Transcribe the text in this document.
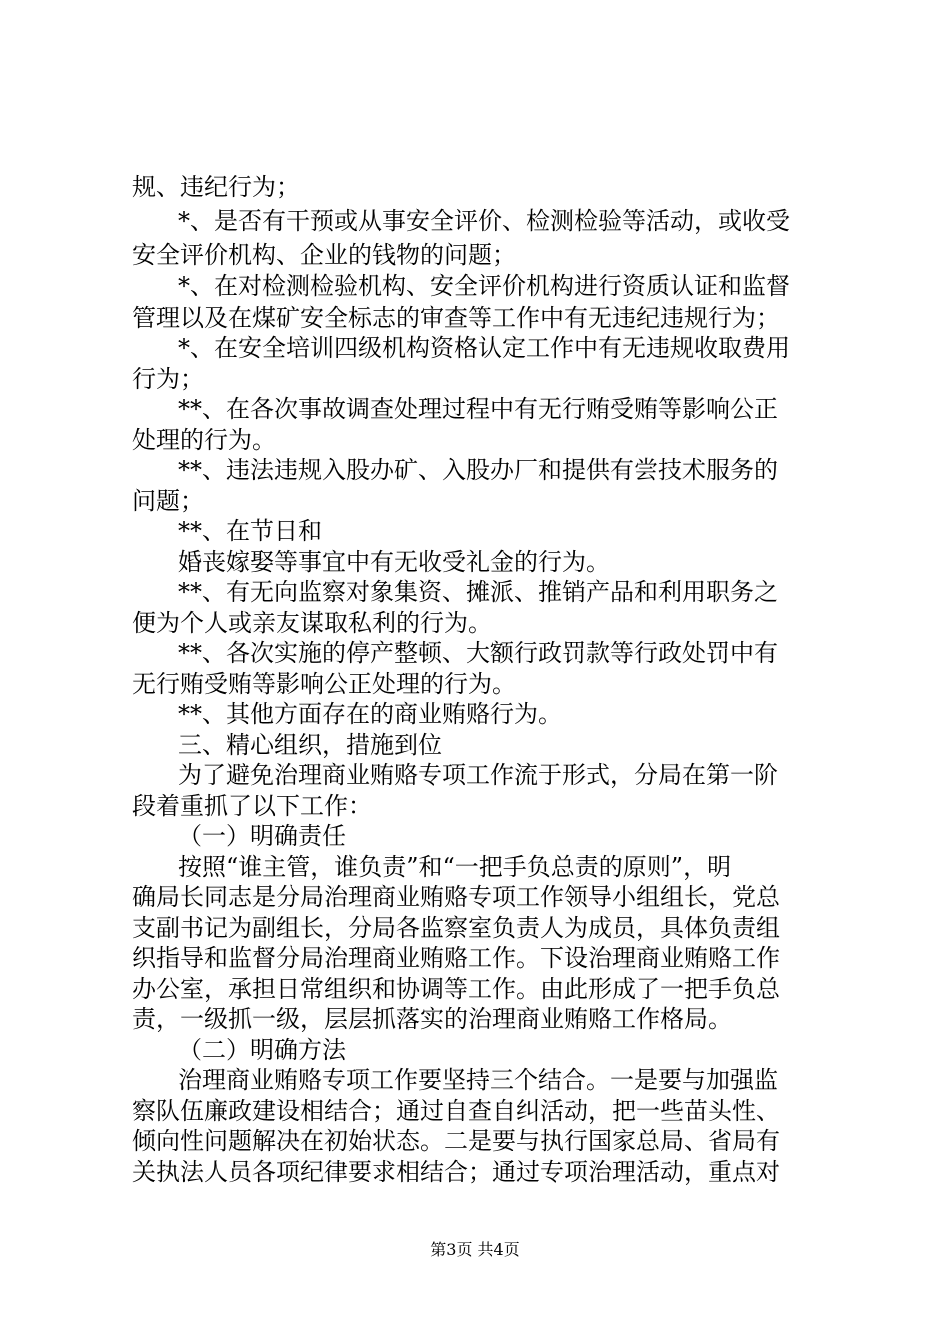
规、违纪行为；
*、是否有干预或从事安全评价、检测检验等活动，或收受
安全评价机构、企业的钱物的问题；
*、在对检测检验机构、安全评价机构进行资质认证和监督
管理以及在煤矿安全标志的审查等工作中有无违纪违规行为；
*、在安全培训四级机构资格认定工作中有无违规收取费用
行为；
**、在各次事故调查处理过程中有无行贿受贿等影响公正
处理的行为。
**、违法违规入股办矿、入股办厂和提供有尝技术服务的
问题；
**、在节日和
婚丧嫁娶等事宜中有无收受礼金的行为。
**、有无向监察对象集资、摊派、推销产品和利用职务之
便为个人或亲友谋取私利的行为。
**、各次实施的停产整顿、大额行政罚款等行政处罚中有
无行贿受贿等影响公正处理的行为。
**、其他方面存在的商业贿赂行为。
三、精心组织，措施到位
为了避免治理商业贿赂专项工作流于形式，分局在第一阶
段着重抓了以下工作：
（一）明确责任
按照“谁主管，谁负责”和“一把手负总责的原则”，明
确局长同志是分局治理商业贿赂专项工作领导小组组长，党总
支副书记为副组长，分局各监察室负责人为成员，具体负责组
织指导和监督分局治理商业贿赂工作。下设治理商业贿赂工作
办公室，承担日常组织和协调等工作。由此形成了一把手负总
责，一级抓一级，层层抓落实的治理商业贿赂工作格局。
（二）明确方法
治理商业贿赂专项工作要坚持三个结合。一是要与加强监
察队伍廉政建设相结合；通过自查自纠活动，把一些苗头性、
倾向性问题解决在初始状态。二是要与执行国家总局、省局有
关执法人员各项纪律要求相结合；通过专项治理活动，重点对
第3页 共4页
